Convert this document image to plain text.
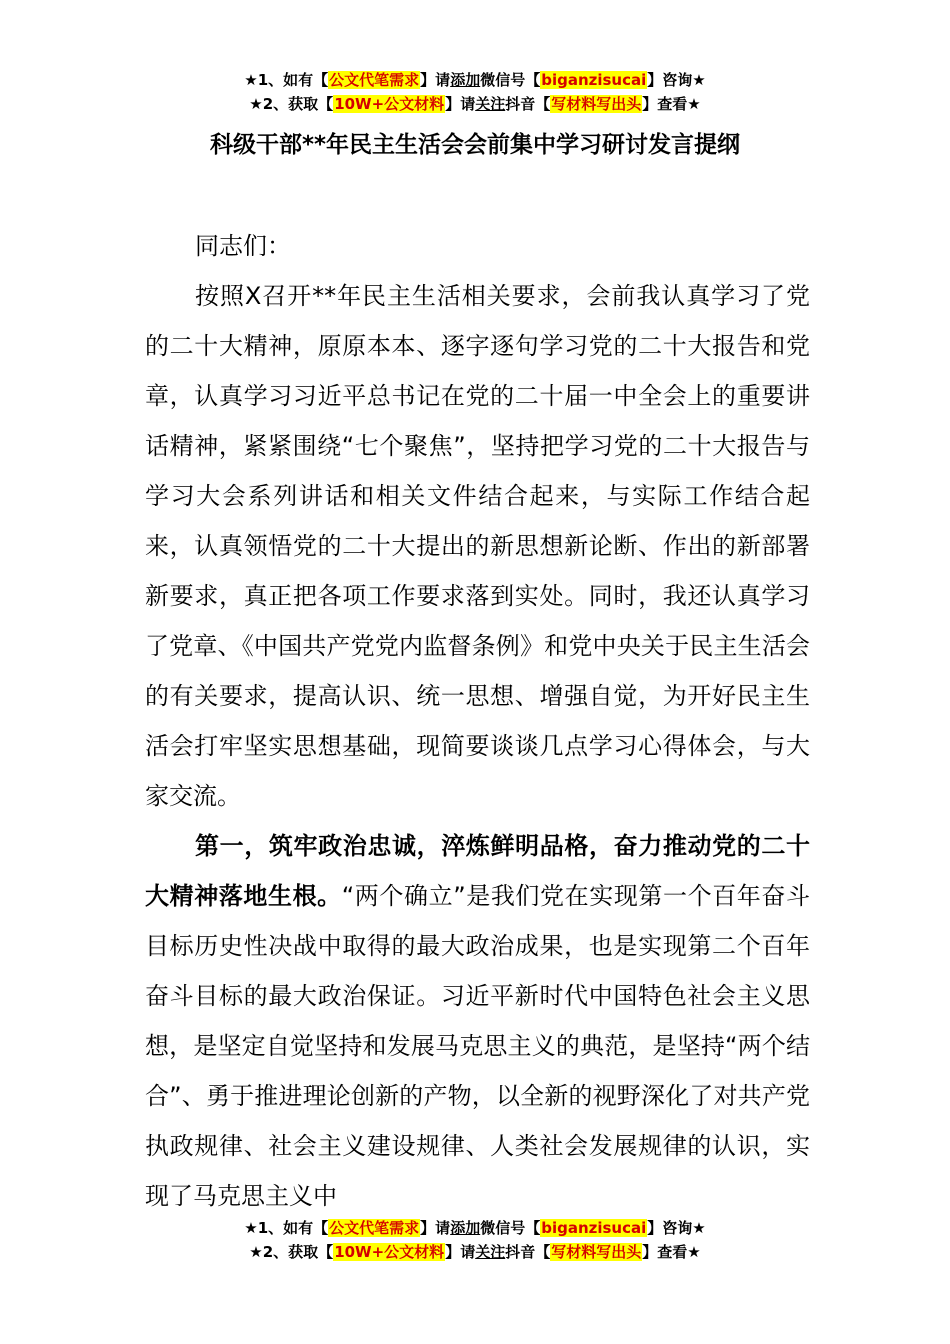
★1、如有【公文代笔需求】请添加微信号【biganzisucai】咨询★
★2、获取【10W+公文材料】请关注抖音【写材料写出头】查看★
科级干部**年民主生活会会前集中学习研讨发言提纲

同志们：

按照X召开**年民主生活相关要求，会前我认真学习了党的二十大精神，原原本本、逐字逐句学习党的二十大报告和党章，认真学习习近平总书记在党的二十届一中全会上的重要讲话精神，紧紧围绕“七个聚焦”，坚持把学习党的二十大报告与学习大会系列讲话和相关文件结合起来，与实际工作结合起来，认真领悟党的二十大提出的新思想新论断、作出的新部署新要求，真正把各项工作要求落到实处。同时，我还认真学习了党章、《中国共产党党内监督条例》和党中央关于民主生活会的有关要求，提高认识、统一思想、增强自觉，为开好民主生活会打牢坚实思想基础，现简要谈谈几点学习心得体会，与大家交流。

第一，筑牢政治忠诚，淬炼鲜明品格，奋力推动党的二十大精神落地生根。“两个确立”是我们党在实现第一个百年奋斗目标历史性决战中取得的最大政治成果，也是实现第二个百年奋斗目标的最大政治保证。习近平新时代中国特色社会主义思想，是坚定自觉坚持和发展马克思主义的典范，是坚持“两个结合”、勇于推进理论创新的产物，以全新的视野深化了对共产党执政规律、社会主义建设规律、人类社会发展规律的认识，实现了马克思主义中

★1、如有【公文代笔需求】请添加微信号【biganzisucai】咨询★
★2、获取【10W+公文材料】请关注抖音【写材料写出头】查看★
